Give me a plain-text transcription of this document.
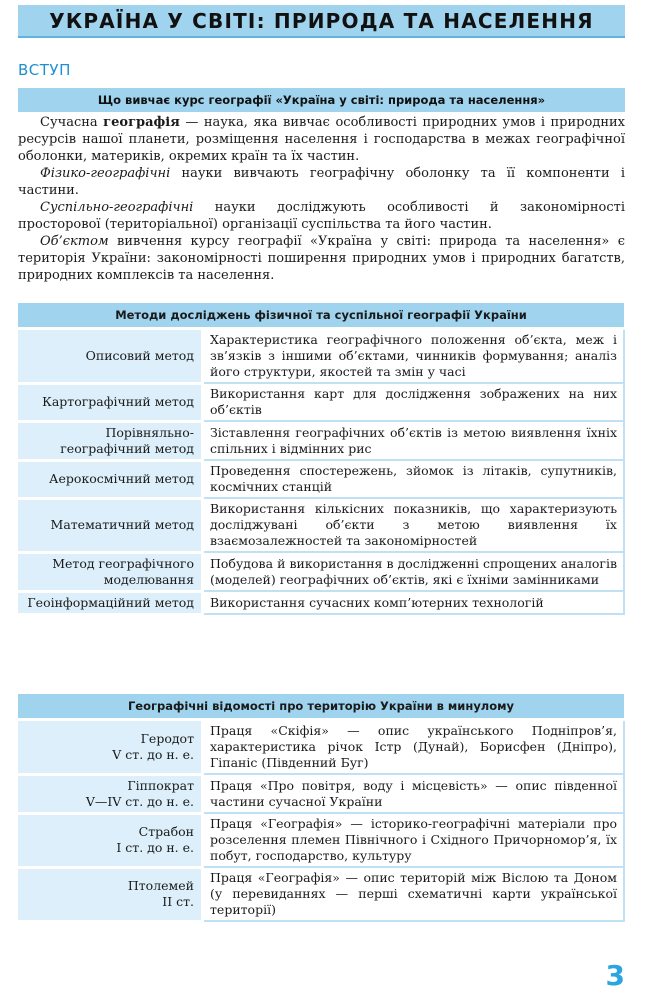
УКРАЇНА У СВІТІ: ПРИРОДА ТА НАСЕЛЕННЯ
ВСТУП
Що вивчає курс географії «Україна у світі: природа та населення»

Сучасна географія — наука, яка вивчає особливості природних умов і природних ресурсів нашої планети, розміщення населення і господарства в межах географічної оболонки, материків, окремих країн та їх частин.

Фізико-географічні науки вивчають географічну оболонку та її компоненти і частини.

Суспільно-географічні науки досліджують особливості й закономірності просторової (територіальної) організації суспільства та його частин.

Об’єктом вивчення курсу географії «Україна у світі: природа та населення» є територія України: закономірності поширення природних умов і природних багатств, природних комплексів та населення.

Методи досліджень фізичної та суспільної географії України	
Описовий метод	Характеристика географічного положення об’єкта, меж і зв’язків з іншими об’єктами, чинників формування; аналіз його структури, якостей та змін у часі
Картографічний метод	Використання карт для дослідження зображених на них об’єктів
Порівняльно-географічний метод	Зіставлення географічних об’єктів із метою виявлення їхніх спільних і відмінних рис
Аерокосмічний метод	Проведення спостережень, зйомок із літаків, супутників, космічних станцій
Математичний метод	Використання кількісних показників, що характеризують досліджувані об’єкти з метою виявлення їх взаємозалежностей та закономірностей
Метод географічного моделювання	Побудова й використання в дослідженні спрощених аналогів (моделей) географічних об’єктів, які є їхніми замінниками
Геоінформаційний метод	Використання сучасних комп’ютерних технологій
Географічні відомості про територію України в минулому	

Геродот
V ст. до н. е.	Праця «Скіфія» — опис українського Подніпров’я, характеристика річок Істр (Дунай), Борисфен (Дніпро), Гіпаніс (Південний Буг)

Гіппократ
V—IV ст. до н. е.	Праця «Про повітря, воду і місцевість» — опис південної частини сучасної України

Страбон
I ст. до н. е.	Праця «Географія» — історико-географічні матеріали про розселення племен Північного і Східного Причорномор’я, їх побут, господарство, культуру

Птолемей
II ст.	Праця «Географія» — опис територій між Віслою та Доном (у перевиданнях — перші схематичні карти української території)
3
